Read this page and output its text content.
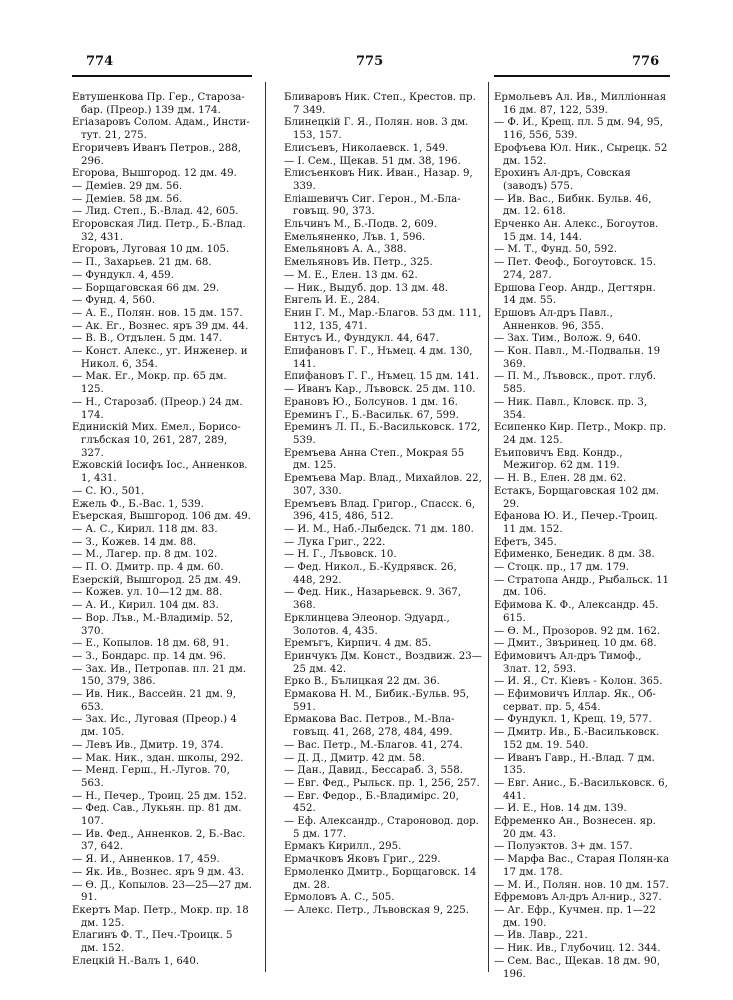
774	775	776
Евтушенкова Пр. Гер., Староза-бар. (Преор.) 139 дм. 174.
Егiазаровъ Солом. Адам., Инсти-тут. 21, 275.
Егоричевъ Иванъ Петров., 288, 296.
Егорова, Вышгород. 12 дм. 49.
— Демiев. 29 дм. 56.
— Демiев. 58 дм. 56.
— Лид. Степ., Б.-Влад. 42, 605.
Егоровская Лид. Петр., Б.-Влад. 32, 431.
Егоровъ, Луговая 10 дм. 105.
— П., Захарьев. 21 дм. 68.
— Фундукл. 4, 459.
— Борщаговская 66 дм. 29.
— Фунд. 4, 560.
— А. Е., Полян. нов. 15 дм. 157.
— Ак. Ег., Вознес. яръ 39 дм. 44.
— В. В., Отдълен. 5 дм. 147.
— Конст. Алекс., уг. Инженер. и Никол. 6, 354.
— Мак. Ег., Мокр. пр. 65 дм. 125.
— Н., Старозаб. (Преор.) 24 дм. 174.
Единискiй Мих. Емел., Борисо-глъбская 10, 261, 287, 289, 327.
Ежовскiй Iосифъ Iос., Анненков. 1, 431.
— С. Ю., 501.
Ежель Ф., Б.-Вас. 1, 539.
Еъерская, Вышгород. 106 дм. 49.
— А. С., Кирил. 118 дм. 83.
— З., Кожев. 14 дм. 88.
— М., Лагер. пр. 8 дм. 102.
— П. О. Дмитр. пр. 4 дм. 60.
Езерскiй, Вышгород. 25 дм. 49.
— Кожев. ул. 10—12 дм. 88.
— А. И., Кирил. 104 дм. 83.
— Вор. Лъв., М.-Владимiр. 52, 370.
— Е., Копылов. 18 дм. 68, 91.
— З., Бондарс. пр. 14 дм. 96.
— Зах. Ив., Петропав. пл. 21 дм. 150, 379, 386.
— Ив. Ник., Вассейн. 21 дм. 9, 653.
— Зах. Ис., Луговая (Преор.) 4 дм. 105.
— Левъ Ив., Дмитр. 19, 374.
— Мак. Ник., здан. школы, 292.
— Менд. Герш., Н.-Лугов. 70, 563.
— Н., Печер., Троиц. 25 дм. 152.
— Фед. Сав., Лукьян. пр. 81 дм. 107.
— Ив. Фед., Анненков. 2, Б.-Вас. 37, 642.
— Я. И., Анненков. 17, 459.
— Як. Ив., Вознес. яръ 9 дм. 43.
— Ѳ. Д., Копылов. 23—25—27 дм. 91.
Екертъ Мар. Петр., Мокр. пр. 18 дм. 125.
Елагинъ Ф. Т., Печ.-Троицк. 5 дм. 152.
Елецкiй Н.-Валъ 1, 640.
Бливаровъ Ник. Степ., Крестов. пр. 7 349.
Блинецкiй Г. Я., Полян. нов. 3 дм. 153, 157.
Елисъевъ, Николаевск. 1, 549.
— I. Сем., Щекав. 51 дм. 38, 196.
Елисъенковъ Ник. Иван., Назар. 9, 339.
Елiашевичъ Сиг. Герон., М.-Бла-говъщ. 90, 373.
Ельчинъ М., Б.-Подв. 2, 609.
Емельяненко, Лъв. 1, 596.
Емельяновъ А. А., 388.
Емельяновъ Ив. Петр., 325.
— М. Е., Елен. 13 дм. 62.
— Ник., Выдуб. дор. 13 дм. 48.
Енгель И. Е., 284.
Енин Г. М., Мар.-Благов. 53 дм. 111, 112, 135, 471.
Ентусъ И., Фундукл. 44, 647.
Епифановъ Г. Г., Нъмец. 4 дм. 130, 141.
Епифановъ Г. Г., Нъмец. 15 дм. 141.
— Иванъ Кар., Лъвовск. 25 дм. 110.
Ерановъ Ю., Болсунов. 1 дм. 16.
Ереминъ Г., Б.-Васильк. 67, 599.
Ереминъ Л. П., Б.-Васильковск. 172, 539.
Еремъева Анна Степ., Мокрая 55 дм. 125.
Еремъева Мар. Влад., Михайлов. 22, 307, 330.
Еремъевъ Влад. Григор., Спасск. 6, 396, 415, 486, 512.
— И. М., Наб.-Лыбедск. 71 дм. 180.
— Лука Григ., 222.
— Н. Г., Лъвовск. 10.
— Фед. Никол., Б.-Кудрявск. 26, 448, 292.
— Фед. Ник., Назарьевск. 9. 367, 368.
Ерклинцева Элеонор. Эдуард., Золотов. 4, 435.
Еремъгъ, Кирпич. 4 дм. 85.
Еринчукъ Дм. Конст., Воздвиж. 23—25 дм. 42.
Ерко В., Бълицкая 22 дм. 36.
Ермакова Н. М., Бибик.-Бульв. 95, 591.
Ермакова Вас. Петров., М.-Вла-говъщ. 41, 268, 278, 484, 499.
— Вас. Петр., М.-Благов. 41, 274.
— Д. Д., Дмитр. 42 дм. 58.
— Дан., Давид., Бессараб. 3, 558.
— Евг. Фед., Рыльск. пр. 1, 256, 257.
— Евг. Федор., Б.-Владимiрс. 20, 452.
— Еф. Александр., Староновод. дор. 5 дм. 177.
Ермакъ Кирилл., 295.
Ермачковъ Яковъ Григ., 229.
Ермоленко Дмитр., Борщаговск. 14 дм. 28.
Ермоловъ А. С., 505.
— Алекс. Петр., Лъвовская 9, 225.
Ермольевъ Ал. Ив., Миллiонная 16 дм. 87, 122, 539.
— Ф. И., Крещ. пл. 5 дм. 94, 95, 116, 556, 539.
Ерофъева Юл. Ник., Сырецк. 52 дм. 152.
Ерохинъ Ал-дръ, Совская (заводъ) 575.
— Ив. Вас., Бибик. Бульв. 46, дм. 12. 618.
Ерченко Ан. Алекс., Богоутов. 15 дм. 14, 144.
— М. Т., Фунд. 50, 592.
— Пет. Феоф., Богоутовск. 15. 274, 287.
Ершова Геор. Андр., Дегтярн. 14 дм. 55.
Ершовъ Ал-дръ Павл., Анненков. 96, 355.
— Зах. Тим., Волож. 9, 640.
— Кон. Павл., М.-Подвальн. 19 369.
— П. М., Лъвовск., прот. глуб. 585.
— Ник. Павл., Кловск. пр. 3, 354.
Есипенко Кир. Петр., Мокр. пр. 24 дм. 125.
Еъиповичъ Евд. Кондр., Межигор. 62 дм. 119.
— Н. В., Елен. 28 дм. 62.
Естакъ, Борщаговская 102 дм. 29.
Ефанова Ю. И., Печер.-Троиц. 11 дм. 152.
Ефетъ, 345.
Ефименко, Бенедик. 8 дм. 38.
— Стоцк. пр., 17 дм. 179.
— Стратопа Андр., Рыбальск. 11 дм. 106.
Ефимова К. Ф., Александр. 45. 615.
— Ѳ. М., Прозоров. 92 дм. 162.
— Дмит., Звъринец. 10 дм. 68.
Ефимовичъ Ал-дръ Тимоф., Злат. 12, 593.
— И. Я., Ст. Кiевъ - Колон. 365.
— Ефимовичъ Иллар. Як., Об-серват. пр. 5, 454.
— Фундукл. 1, Крещ. 19, 577.
— Дмитр. Ив., Б.-Васильковск. 152 дм. 19. 540.
— Иванъ Гавр., Н.-Влад. 7 дм. 135.
— Евг. Анис., Б.-Васильковск. 6, 441.
— И. Е., Нов. 14 дм. 139.
Ефременко Ан., Вознесен. яр. 20 дм. 43.
— Полуэктов. 3+ дм. 157.
— Марфа Вас., Старая Полян-ка 17 дм. 178.
— М. И., Полян. нов. 10 дм. 157.
Ефремовъ Ал-дръ Ал-нир., 327.
— Аг. Ефр., Кучмен. пр. 1—22 дм. 190.
— Ив. Лавр., 221.
— Ник. Ив., Глубочиц. 12. 344.
— Сем. Вас., Щекав. 18 дм. 90, 196.
